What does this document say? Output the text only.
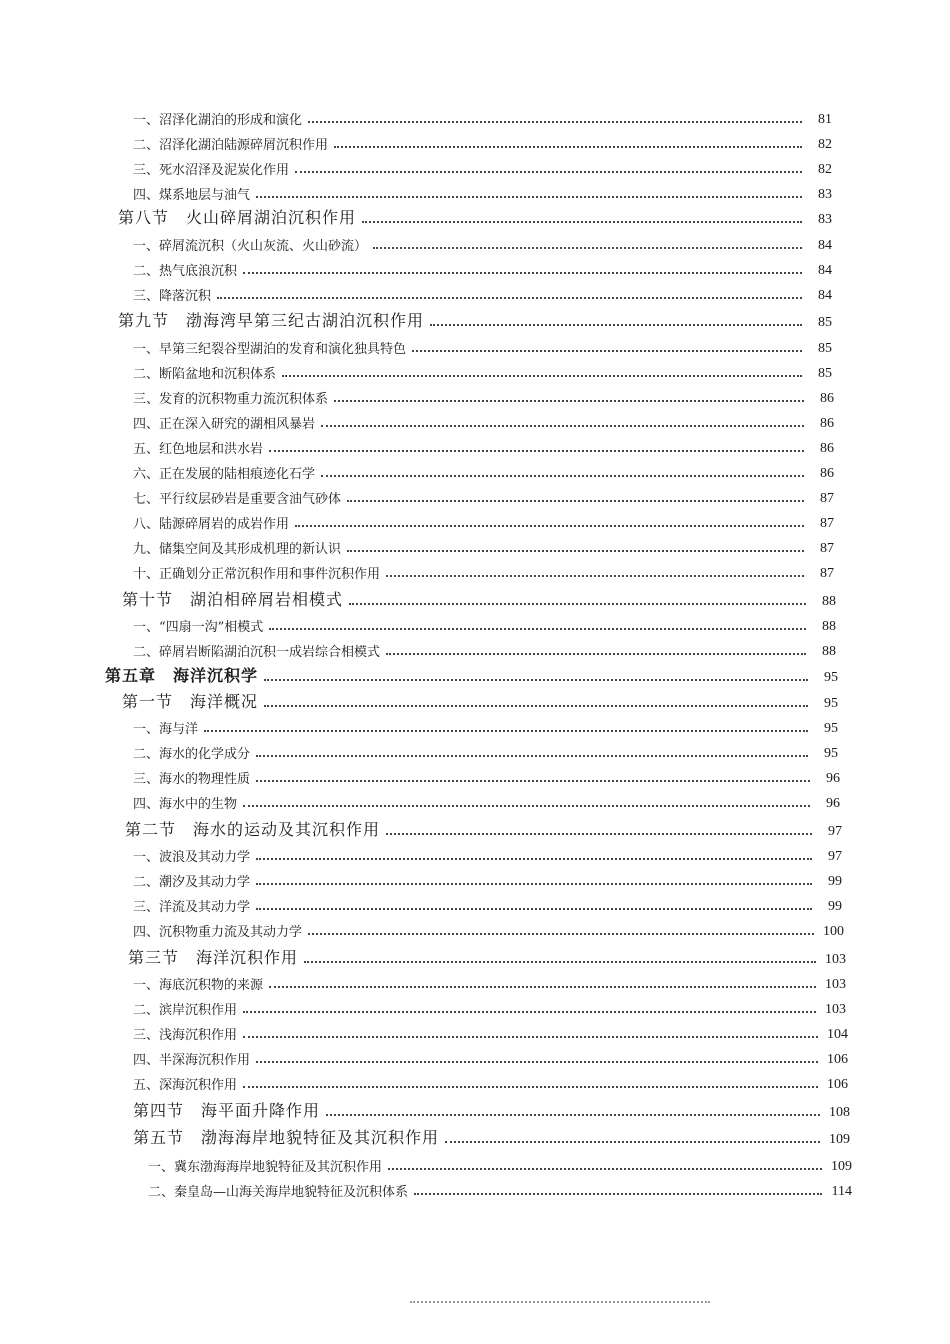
一、沼泽化湖泊的形成和演化	81
二、沼泽化湖泊陆源碎屑沉积作用	82
三、死水沼泽及泥炭化作用	82
四、煤系地层与油气	83
第八节　火山碎屑湖泊沉积作用	83
一、碎屑流沉积（火山灰流、火山砂流）	84
二、热气底浪沉积	84
三、降落沉积	84
第九节　渤海湾早第三纪古湖泊沉积作用	85
一、早第三纪裂谷型湖泊的发育和演化独具特色	85
二、断陷盆地和沉积体系	85
三、发育的沉积物重力流沉积体系	86
四、正在深入研究的湖相风暴岩	86
五、红色地层和洪水岩	86
六、正在发展的陆相痕迹化石学	86
七、平行纹层砂岩是重要含油气砂体	87
八、陆源碎屑岩的成岩作用	87
九、储集空间及其形成机理的新认识	87
十、正确划分正常沉积作用和事件沉积作用	87
第十节　湖泊相碎屑岩相模式	88
一、“四扇一沟”相模式	88
二、碎屑岩断陷湖泊沉积一成岩综合相模式	88
第五章　海洋沉积学	95
第一节　海洋概况	95
一、海与洋	95
二、海水的化学成分	95
三、海水的物理性质	96
四、海水中的生物	96
第二节　海水的运动及其沉积作用	97
一、波浪及其动力学	97
二、潮汐及其动力学	99
三、洋流及其动力学	99
四、沉积物重力流及其动力学	100
第三节　海洋沉积作用	103
一、海底沉积物的来源	103
二、滨岸沉积作用	103
三、浅海沉积作用	104
四、半深海沉积作用	106
五、深海沉积作用	106
第四节　海平面升降作用	108
第五节　渤海海岸地貌特征及其沉积作用	109
一、冀东渤海海岸地貌特征及其沉积作用	109
二、秦皇岛—山海关海岸地貌特征及沉积体系	114
